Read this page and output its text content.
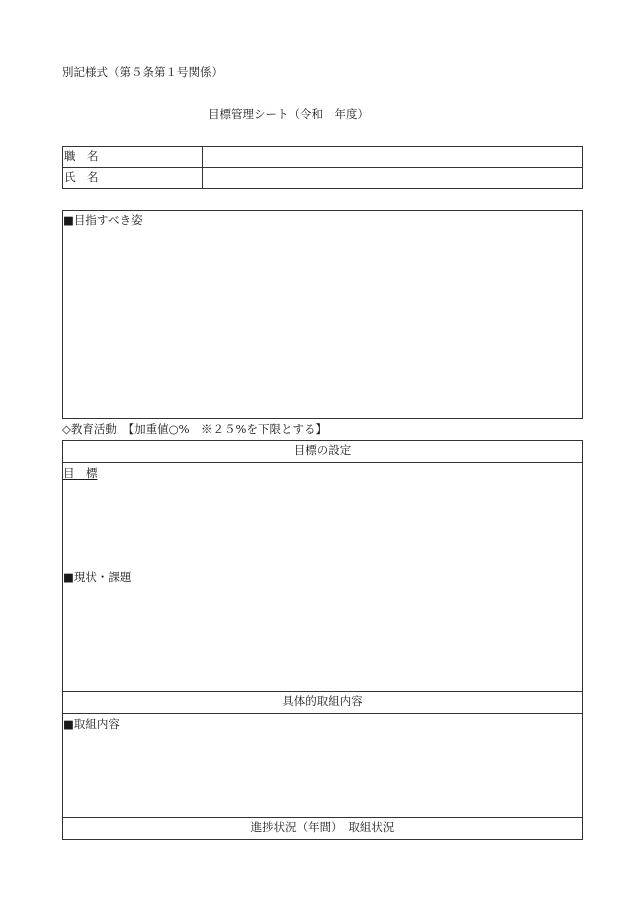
別記様式（第５条第１号関係）
目標管理シート（令和　年度）
職　名
氏　名
■目指すべき姿
◇教育活動　【加重値○%　※２５%を下限とする】
目標の設定
目　標
■現状・課題
具体的取組内容
■取組内容
進捗状況（年間）　取組状況
